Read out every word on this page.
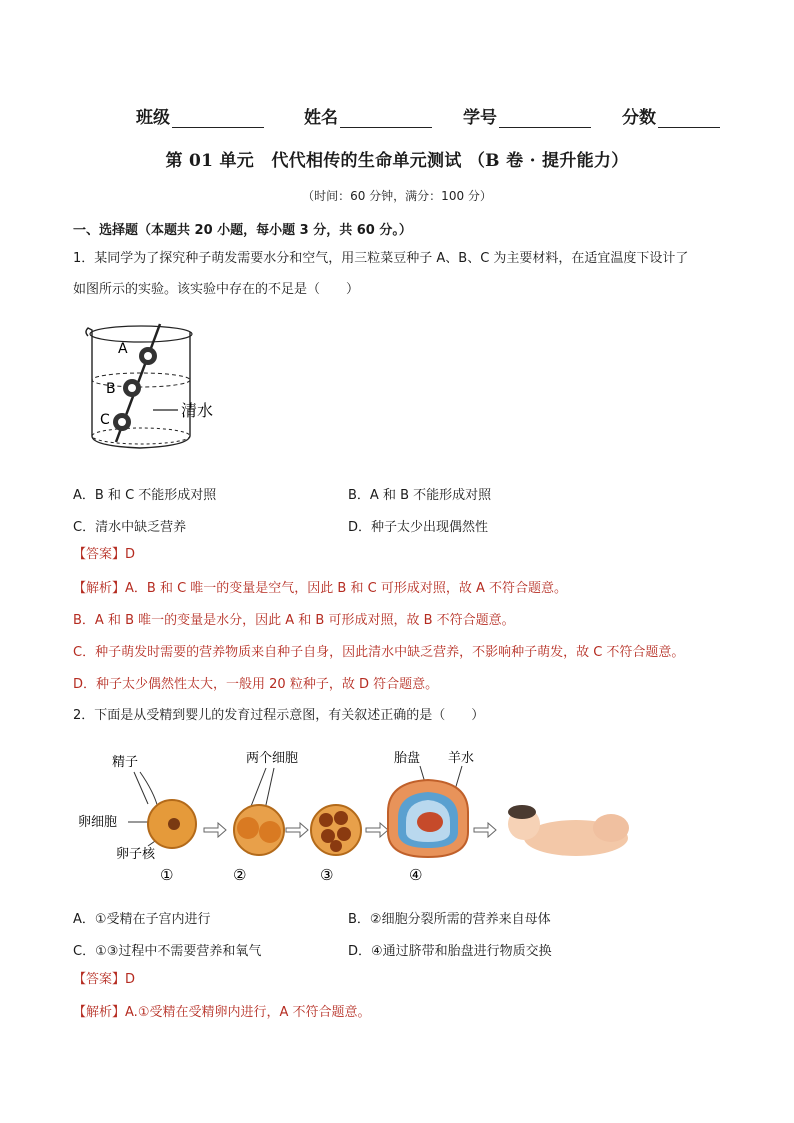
班级	姓名	学号	分数
第 01 单元　代代相传的生命单元测试 （B 卷 · 提升能力）
（时间：60 分钟，满分：100 分）
一、选择题（本题共 20 小题，每小题 3 分，共 60 分。）
1．某同学为了探究种子萌发需要水分和空气，用三粒菜豆种子 A、B、C 为主要材料，在适宜温度下设计了
如图所示的实验。该实验中存在的不足是（　　）
A
B
C	清水
A．B 和 C 不能形成对照	B．A 和 B 不能形成对照
C．清水中缺乏营养	D．种子太少出现偶然性
【答案】D
【解析】A．B 和 C 唯一的变量是空气，因此 B 和 C 可形成对照，故 A 不符合题意。
B．A 和 B 唯一的变量是水分，因此 A 和 B 可形成对照，故 B 不符合题意。
C．种子萌发时需要的营养物质来自种子自身，因此清水中缺乏营养，不影响种子萌发，故 C 不符合题意。
D．种子太少偶然性太大，一般用 20 粒种子，故 D 符合题意。
2．下面是从受精到婴儿的发育过程示意图，有关叙述正确的是（　　）
精子
卵细胞
卵子核
两个细胞	胎盘 羊水
①	②	③	④
A．①受精在子宫内进行	B．②细胞分裂所需的营养来自母体
C．①③过程中不需要营养和氧气	D．④通过脐带和胎盘进行物质交换
【答案】D
【解析】A.①受精在受精卵内进行，A 不符合题意。
